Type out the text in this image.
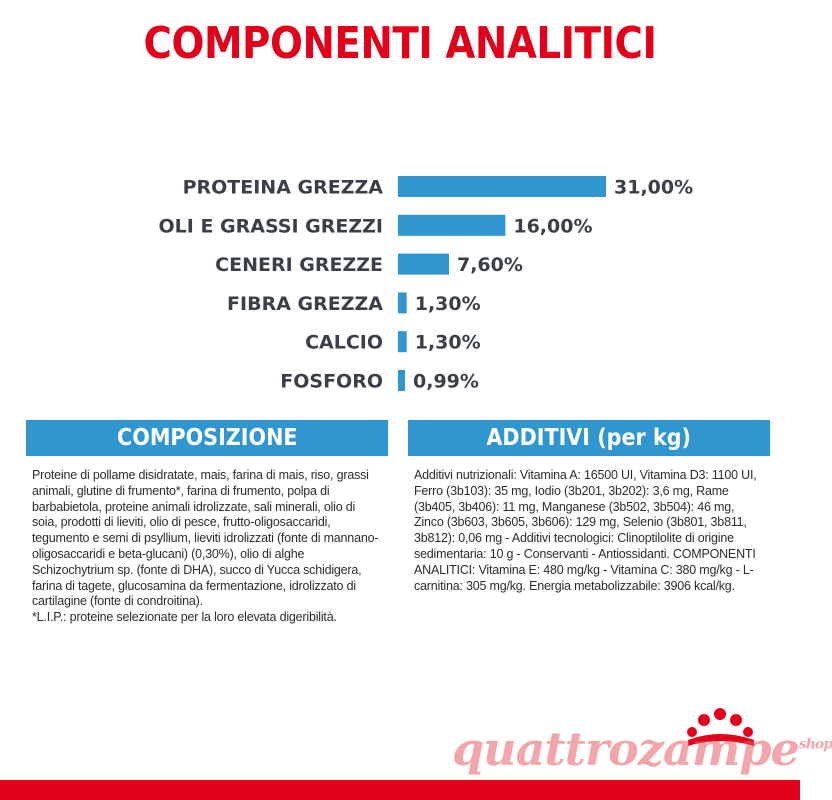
COMPONENTI ANALITICI
PROTEINA GREZZA	31,00%
OLI E GRASSI GREZZI	16,00%
CENERI GREZZE	7,60%
FIBRA GREZZA 1,30%
CALCIO 1,30%
FOSFORO 0,99%
COMPOSIZIONE

Proteine di pollame disidratate, mais, farina di mais, riso, grassi animali, glutine di frumento*, farina di frumento, polpa di barbabietola, proteine animali idrolizzate, sali minerali, olio di soia, prodotti di lieviti, olio di pesce, frutto-oligosaccaridi, tegumento e semi di psyllium, lieviti idrolizzati (fonte di mannano-oligosaccaridi e beta-glucani) (0,30%), olio di alghe Schizochytrium sp. (fonte di DHA), succo di Yucca schidigera, farina di tagete, glucosamina da fermentazione, idrolizzato di cartilagine (fonte di condroitina).

*L.I.P.: proteine selezionate per la loro elevata digeribilità.

ADDITIVI (per kg)

Additivi nutrizionali: Vitamina A: 16500 UI, Vitamina D3: 1100 UI, Ferro (3b103): 35 mg, Iodio (3b201, 3b202): 3,6 mg, Rame (3b405, 3b406): 11 mg, Manganese (3b502, 3b504): 46 mg, Zinco (3b603, 3b605, 3b606): 129 mg, Selenio (3b801, 3b811, 3b812): 0,06 mg - Additivi tecnologici: Clinoptilolite di origine sedimentaria: 10 g - Conservanti - Antiossidanti. COMPONENTI ANALITICI: Vitamina E: 480 mg/kg - Vitamina C: 380 mg/kg - L-carnitina: 305 mg/kg. Energia metabolizzabile: 3906 kcal/kg.

quattrozampe$^{shop}$
